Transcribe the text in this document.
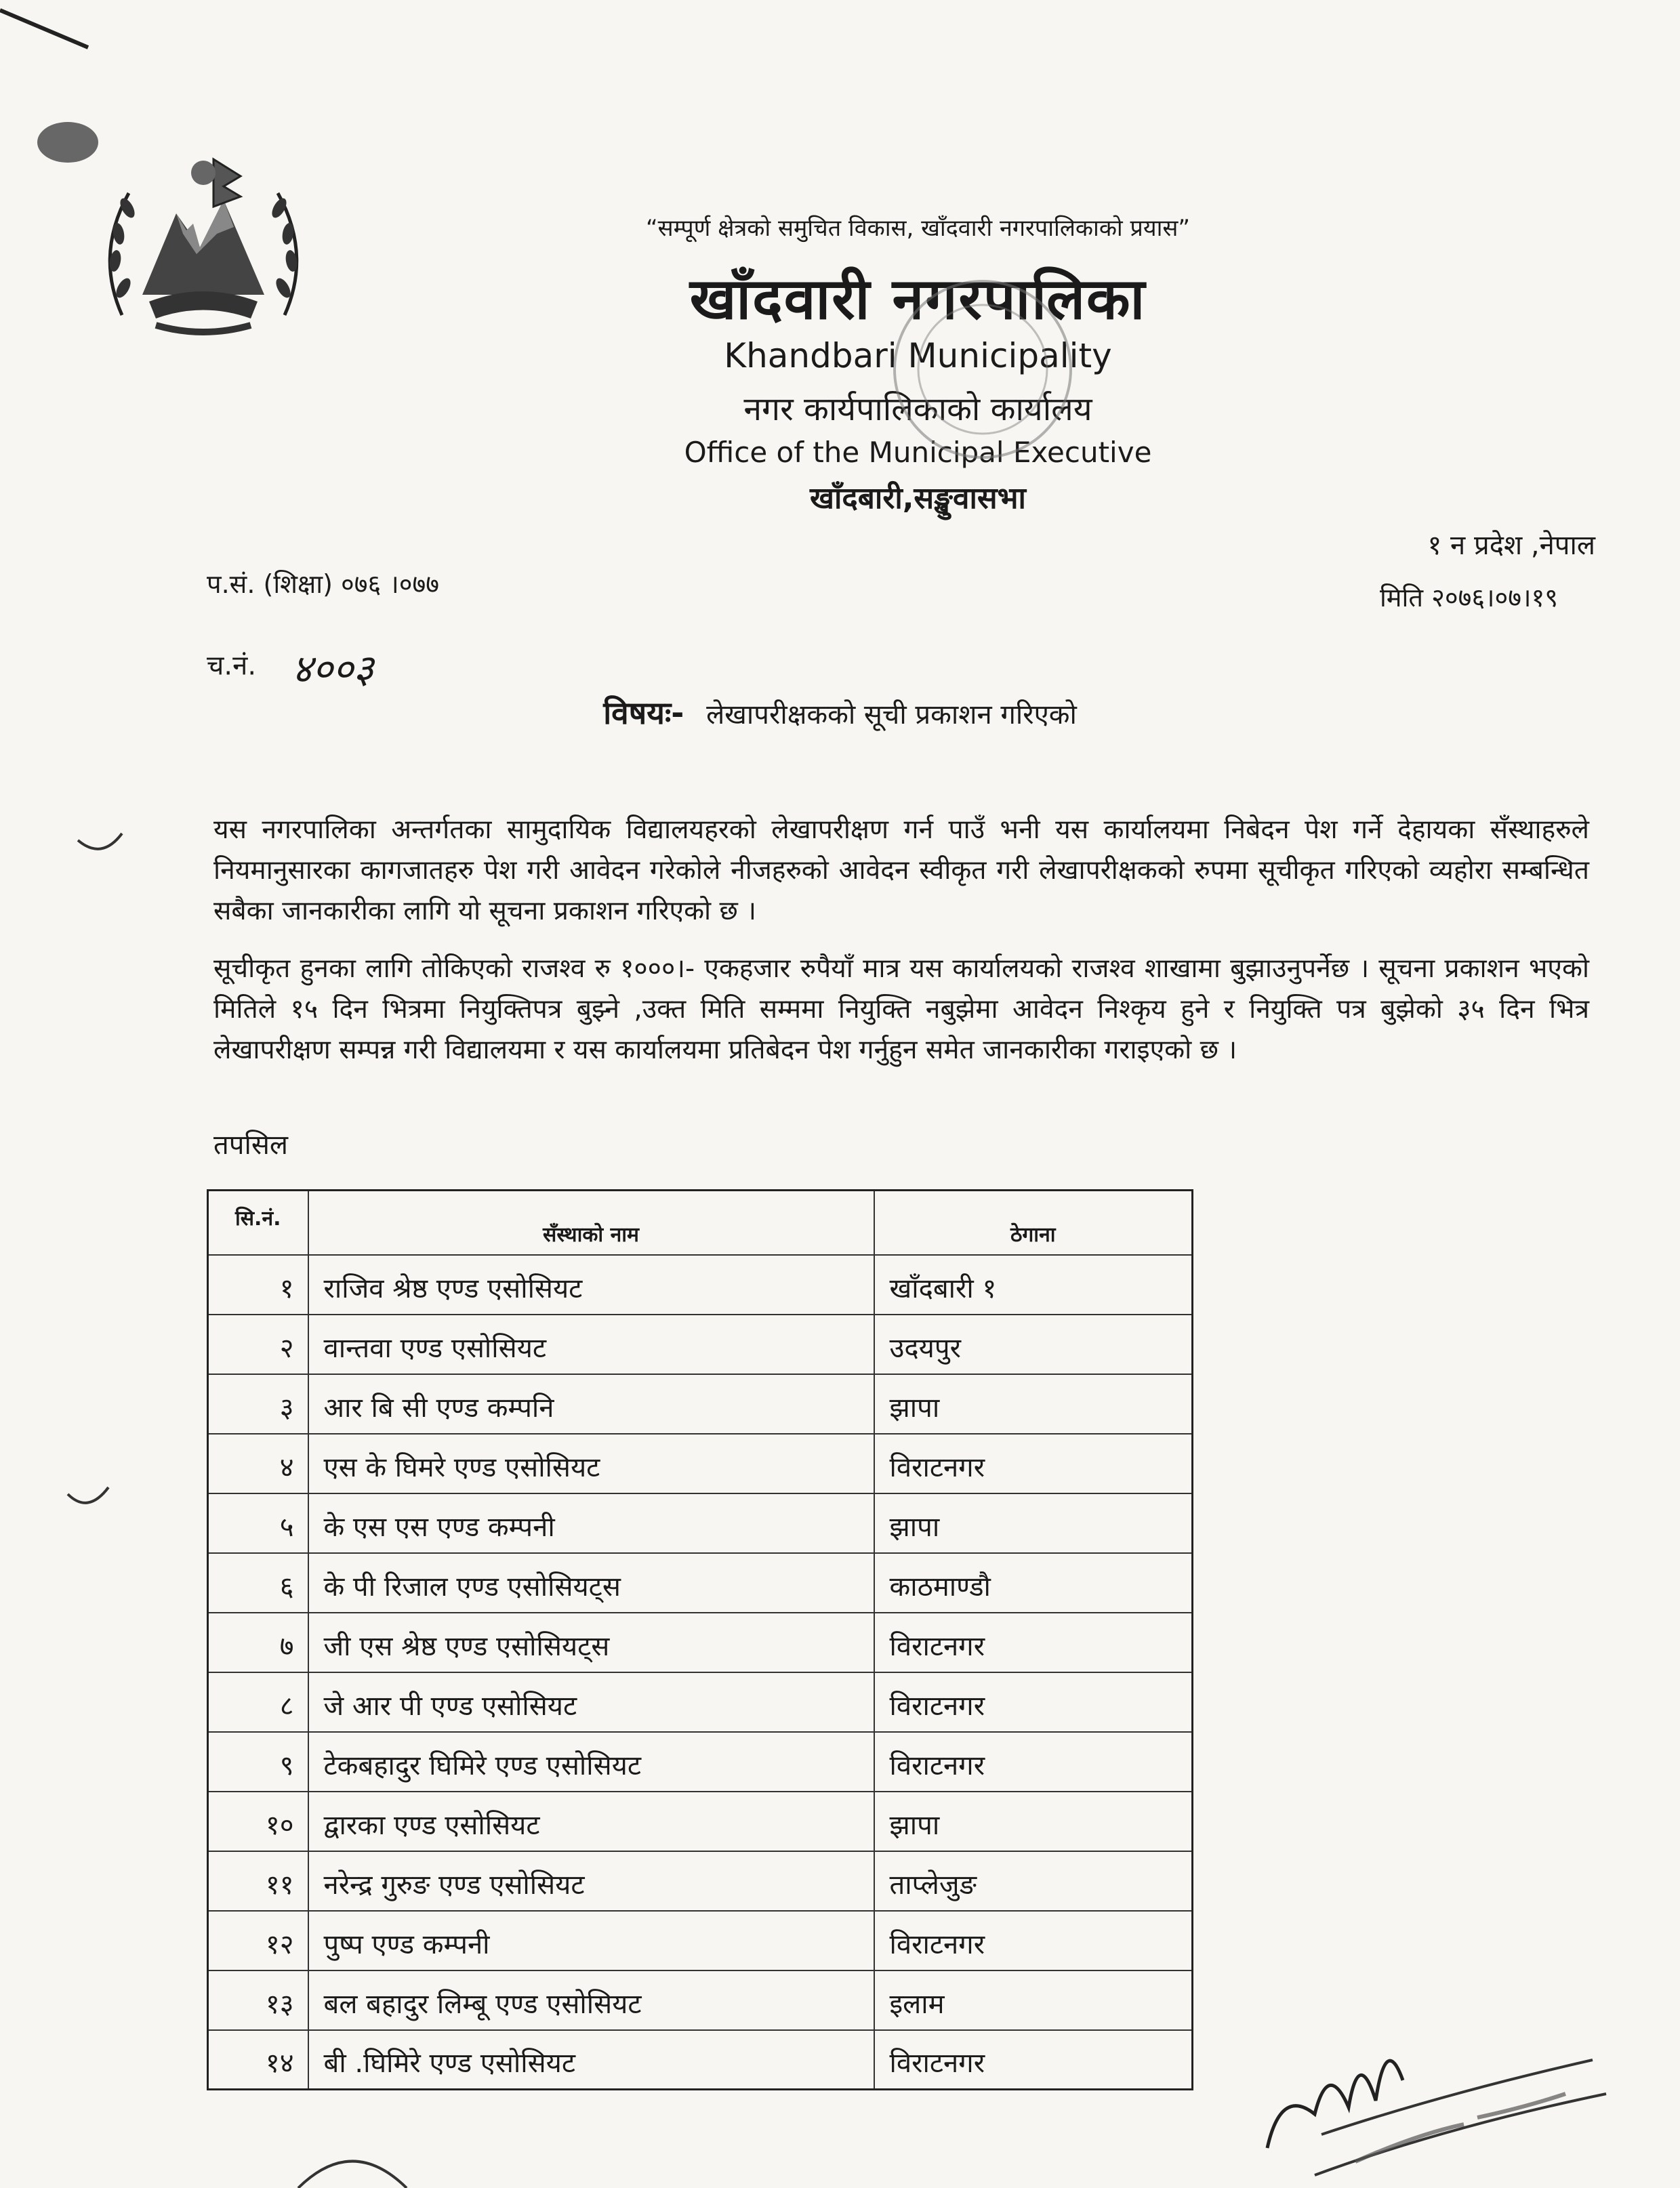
“सम्पूर्ण क्षेत्रको समुचित विकास, खाँदवारी नगरपालिकाको प्रयास”
खाँदवारी नगरपालिका
Khandbari Municipality
नगर कार्यपालिकाको कार्यालय
Office of the Municipal Executive
खाँदबारी,सङ्खुवासभा
१ न प्रदेश ,नेपाल
प.सं. (शिक्षा) ०७६ ।०७७	मिति २०७६।०७।१९
च.नं. ४००३
विषयः- लेखापरीक्षकको सूची प्रकाशन गरिएको
यस नगरपालिका अन्तर्गतका सामुदायिक विद्यालयहरको लेखापरीक्षण गर्न पाउँ भनी यस कार्यालयमा निबेदन पेश गर्ने देहायका सँस्थाहरुले नियमानुसारका कागजातहरु पेश गरी आवेदन गरेकोले नीजहरुको आवेदन स्वीकृत गरी लेखापरीक्षकको रुपमा सूचीकृत गरिएको व्यहोरा सम्बन्धित सबैका जानकारीका लागि यो सूचना प्रकाशन गरिएको छ ।
सूचीकृत हुनका लागि तोकिएको राजश्व रु १०००।- एकहजार रुपैयाँ मात्र यस कार्यालयको राजश्व शाखामा बुझाउनुपर्नेछ । सूचना प्रकाशन भएको मितिले १५ दिन भित्रमा नियुक्तिपत्र बुझ्ने ,उक्त मिति सम्ममा नियुक्ति नबुझेमा आवेदन निश्कृय हुने र नियुक्ति पत्र बुझेको ३५ दिन भित्र लेखापरीक्षण सम्पन्न गरी विद्यालयमा र यस कार्यालयमा प्रतिबेदन पेश गर्नुहुन समेत जानकारीका गराइएको छ ।
तपसिल
सि.नं.	सँस्थाको नाम	ठेगाना
१	राजिव श्रेष्ठ एण्ड एसोसियट	खाँदबारी १
२	वान्तवा एण्ड एसोसियट	उदयपुर
३	आर बि सी एण्ड कम्पनि	झापा
४	एस के घिमरे एण्ड एसोसियट	विराटनगर
५	के एस एस एण्ड कम्पनी	झापा
६	के पी रिजाल एण्ड एसोसियट्स	काठमाण्डौ
७	जी एस श्रेष्ठ एण्ड एसोसियट्स	विराटनगर
८	जे आर पी एण्ड एसोसियट	विराटनगर
९	टेकबहादुर घिमिरे एण्ड एसोसियट	विराटनगर
१०	द्वारका एण्ड एसोसियट	झापा
११	नरेन्द्र गुरुङ एण्ड एसोसियट	ताप्लेजुङ
१२	पुष्प एण्ड कम्पनी	विराटनगर
१३	बल बहादुर लिम्बू एण्ड एसोसियट	इलाम
१४	बी .घिमिरे एण्ड एसोसियट	विराटनगर
